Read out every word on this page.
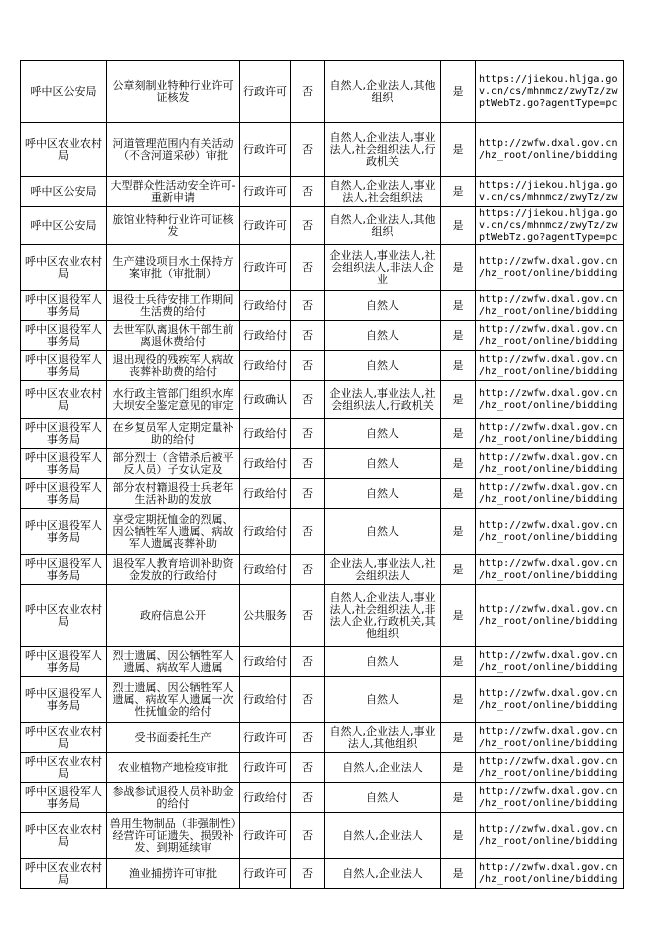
呼中区公安局	公章刻制业特种行业许可证核发	行政许可	否	自然人,企业法人,其他组织	是	https://jiekou.hljga.go
v.cn/cs/mhnmcz/zwyTz/zw
ptWebTz.go?agentType=pc
呼中区农业农村局	河道管理范围内有关活动（不含河道采砂）审批	行政许可	否	自然人,企业法人,事业法人,社会组织法人,行政机关	是	http://zwfw.dxal.gov.cn
/hz_root/online/bidding
呼中区公安局	大型群众性活动安全许可-重新申请	行政许可	否	自然人,企业法人,事业法人,社会组织法	是	https://jiekou.hljga.go
v.cn/cs/mhnmcz/zwyTz/zw
呼中区公安局	旅馆业特种行业许可证核发	行政许可	否	自然人,企业法人,其他组织	是	https://jiekou.hljga.go
v.cn/cs/mhnmcz/zwyTz/zw
ptWebTz.go?agentType=pc
呼中区农业农村局	生产建设项目水土保持方案审批（审批制）	行政许可	否	企业法人,事业法人,社会组织法人,非法人企业	是	http://zwfw.dxal.gov.cn
/hz_root/online/bidding
呼中区退役军人事务局	退役士兵待安排工作期间生活费的给付	行政给付	否	自然人	是	http://zwfw.dxal.gov.cn
/hz_root/online/bidding
呼中区退役军人事务局	去世军队离退休干部生前离退休费给付	行政给付	否	自然人	是	http://zwfw.dxal.gov.cn
/hz_root/online/bidding
呼中区退役军人事务局	退出现役的残疾军人病故丧葬补助费的给付	行政给付	否	自然人	是	http://zwfw.dxal.gov.cn
/hz_root/online/bidding
呼中区农业农村局	水行政主管部门组织水库大坝安全鉴定意见的审定	行政确认	否	企业法人,事业法人,社会组织法人,行政机关	是	http://zwfw.dxal.gov.cn
/hz_root/online/bidding
呼中区退役军人事务局	在乡复员军人定期定量补助的给付	行政给付	否	自然人	是	http://zwfw.dxal.gov.cn
/hz_root/online/bidding
呼中区退役军人事务局	部分烈士（含错杀后被平反人员）子女认定及	行政给付	否	自然人	是	http://zwfw.dxal.gov.cn
/hz_root/online/bidding
呼中区退役军人事务局	部分农村籍退役士兵老年生活补助的发放	行政给付	否	自然人	是	http://zwfw.dxal.gov.cn
/hz_root/online/bidding
呼中区退役军人事务局	享受定期抚恤金的烈属、因公牺牲军人遗属、病故军人遗属丧葬补助	行政给付	否	自然人	是	http://zwfw.dxal.gov.cn
/hz_root/online/bidding
呼中区退役军人事务局	退役军人教育培训补助资金发放的行政给付	行政给付	否	企业法人,事业法人,社会组织法人	是	http://zwfw.dxal.gov.cn
/hz_root/online/bidding
呼中区农业农村局	政府信息公开	公共服务	否	自然人,企业法人,事业法人,社会组织法人,非法人企业,行政机关,其他组织	是	http://zwfw.dxal.gov.cn
/hz_root/online/bidding
呼中区退役军人事务局	烈士遗属、因公牺牲军人遗属、病故军人遗属	行政给付	否	自然人	是	http://zwfw.dxal.gov.cn
/hz_root/online/bidding
呼中区退役军人事务局	烈士遗属、因公牺牲军人遗属、病故军人遗属一次性抚恤金的给付	行政给付	否	自然人	是	http://zwfw.dxal.gov.cn
/hz_root/online/bidding
呼中区农业农村局	受书面委托生产	行政许可	否	自然人,企业法人,事业法人,其他组织	是	http://zwfw.dxal.gov.cn
/hz_root/online/bidding
呼中区农业农村局	农业植物产地检疫审批	行政许可	否	自然人,企业法人	是	http://zwfw.dxal.gov.cn
/hz_root/online/bidding
呼中区退役军人事务局	参战参试退役人员补助金的给付	行政给付	否	自然人	是	http://zwfw.dxal.gov.cn
/hz_root/online/bidding
呼中区农业农村局	兽用生物制品（非强制性）经营许可证遗失、损毁补发、到期延续审	行政许可	否	自然人,企业法人	是	http://zwfw.dxal.gov.cn
/hz_root/online/bidding
呼中区农业农村局	渔业捕捞许可审批	行政许可	否	自然人,企业法人	是	http://zwfw.dxal.gov.cn
/hz_root/online/bidding
